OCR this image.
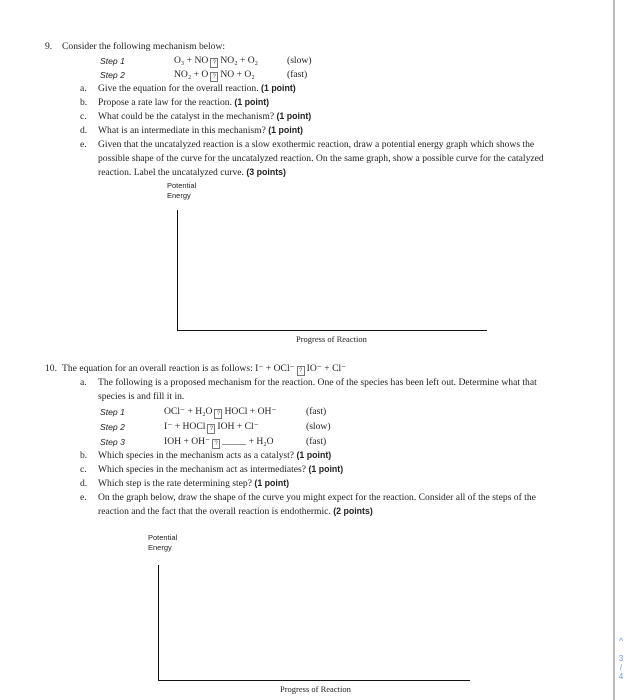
9. Consider the following mechanism below:
Step 1	O₃ + NO ? NO₂ + O₂	(slow)
Step 2	NO₂ + O ? NO + O₂	(fast)
a. Give the equation for the overall reaction. (1 point)
b. Propose a rate law for the reaction. (1 point)
c. What could be the catalyst in the mechanism? (1 point)
d. What is an intermediate in this mechanism? (1 point)
e. Given that the uncatalyzed reaction is a slow exothermic reaction, draw a potential energy graph which shows the
possible shape of the curve for the uncatalyzed reaction. On the same graph, show a possible curve for the catalyzed
reaction. Label the uncatalyzed curve. (3 points)
Potential
Energy
Progress of Reaction
10. The equation for an overall reaction is as follows: I⁻ + OCl⁻ ? IO⁻ + Cl⁻
a. The following is a proposed mechanism for the reaction. One of the species has been left out. Determine what that
species is and fill it in.
Step 1	OCl⁻ + H₂O ? HOCl + OH⁻	(fast)
Step 2	I⁻ + HOCl ? IOH + Cl⁻	(slow)
Step 3	IOH + OH⁻ ? _____ + H₂O	(fast)
b. Which species in the mechanism acts as a catalyst? (1 point)
c. Which species in the mechanism act as intermediates? (1 point)
d. Which step is the rate determining step? (1 point)
e. On the graph below, draw the shape of the curve you might expect for the reaction. Consider all of the steps of the
reaction and the fact that the overall reaction is endothermic. (2 points)
Potential
Energy
Progress of Reaction
^
3
/
4
